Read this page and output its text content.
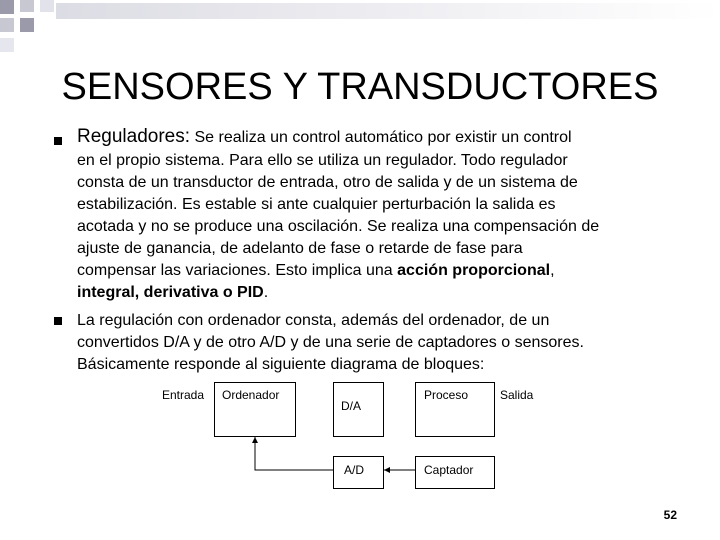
SENSORES Y TRANSDUCTORES
Reguladores: Se realiza un control automático por existir un control
en el propio sistema. Para ello se utiliza un regulador. Todo regulador
consta de un transductor de entrada, otro de salida y de un sistema de
estabilización. Es estable si ante cualquier perturbación la salida es
acotada y no se produce una oscilación. Se realiza una compensación de
ajuste de ganancia, de adelanto de fase o retarde de fase para
compensar las variaciones. Esto implica una acción proporcional,
integral, derivativa o PID.
La regulación con ordenador consta, además del ordenador, de un
convertidos D/A y de otro A/D y de una serie de captadores o sensores.
Básicamente responde al siguiente diagrama de bloques:
Entrada Ordenador
D/A
Proceso	Salida
A/D	Captador
52
